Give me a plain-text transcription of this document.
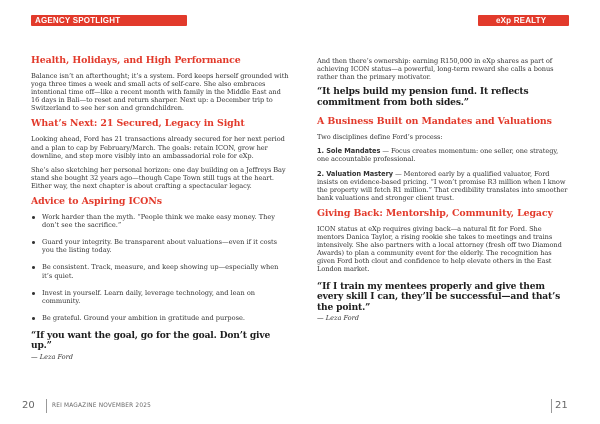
AGENCY SPOTLIGHT	eXp REALTY
Health, Holidays, and High Performance

Balance isn’t an afterthought; it’s a system. Ford keeps herself grounded with yoga three times a week and small acts of self-care. She also embraces intentional time off—like a recent month with family in the Middle East and 16 days in Bali—to reset and return sharper. Next up: a December trip to Switzerland to see her son and grandchildren.

What’s Next: 21 Secured, Legacy in Sight

Looking ahead, Ford has 21 transactions already secured for her next period and a plan to cap by February/March. The goals: retain ICON, grow her downline, and step more visibly into an ambassadorial role for eXp.

She’s also sketching her personal horizon: one day building on a Jeffreys Bay stand she bought 32 years ago—though Cape Town still tugs at the heart. Either way, the next chapter is about crafting a spectacular legacy.

Advice to Aspiring ICONs
Work harder than the myth. “People think we make easy money. They don’t see the sacrifice.”
Guard your integrity. Be transparent about valuations—even if it costs you the listing today.
Be consistent. Track, measure, and keep showing up—especially when it’s quiet.
Invest in yourself. Learn daily, leverage technology, and lean on community.
Be grateful. Ground your ambition in gratitude and purpose.
“If you want the goal, go for the goal. Don’t give up.”
— Leza Ford

And then there’s ownership: earning R150,000 in eXp shares as part of achieving ICON status—a powerful, long-term reward she calls a bonus rather than the primary motivator.

“It helps build my pension fund. It reflects commitment from both sides.”
A Business Built on Mandates and Valuations

Two disciplines define Ford’s process:

1. Sole Mandates — Focus creates momentum: one seller, one strategy, one accountable professional.

2. Valuation Mastery — Mentored early by a qualified valuator, Ford insists on evidence-based pricing. “I won’t promise R3 million when I know the property will fetch R1 million.” That credibility translates into smoother bank valuations and stronger client trust.

Giving Back: Mentorship, Community, Legacy

ICON status at eXp requires giving back—a natural fit for Ford. She mentors Danica Taylor, a rising rookie she takes to meetings and trains intensively. She also partners with a local attorney (fresh off two Diamond Awards) to plan a community event for the elderly. The recognition has given Ford both clout and confidence to help elevate others in the East London market.

“If I train my mentees properly and give them every skill I can, they’ll be successful—and that’s the point.”
— Leza Ford
20	REI MAGAZINE NOVEMBER 2025	21
